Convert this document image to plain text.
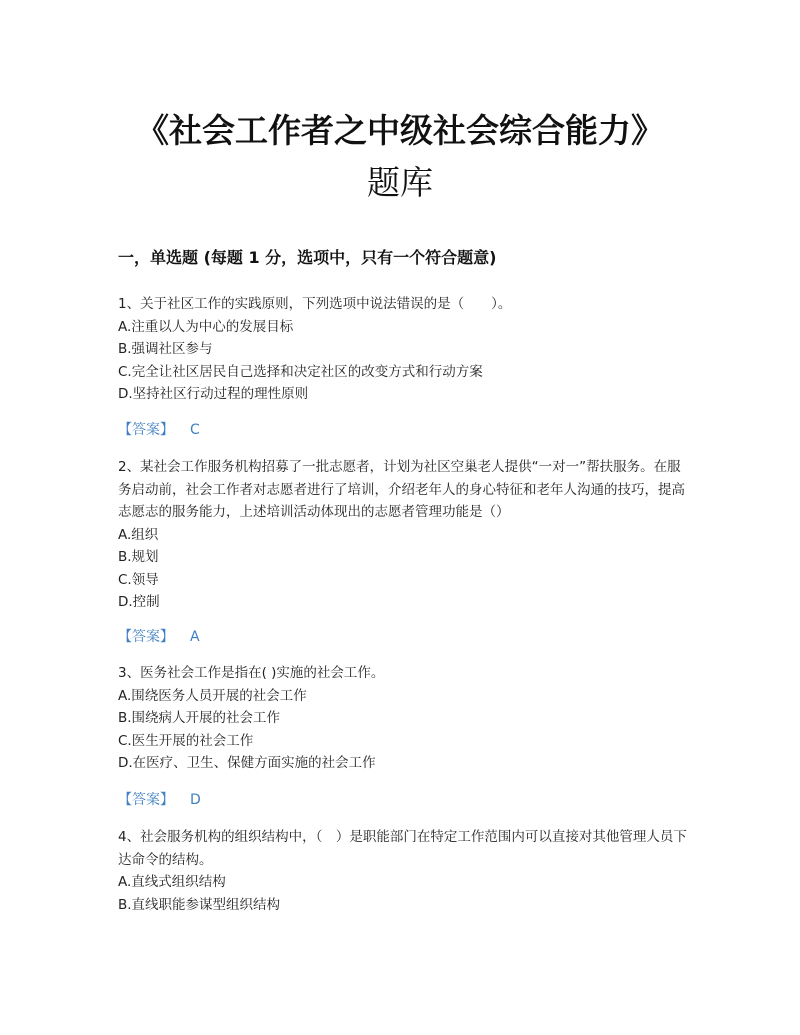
《社会工作者之中级社会综合能力》
题库
一，单选题 (每题 1 分，选项中，只有一个符合题意)
1、关于社区工作的实践原则，下列选项中说法错误的是（　　）。
A.注重以人为中心的发展目标
B.强调社区参与
C.完全让社区居民自己选择和决定社区的改变方式和行动方案
D.坚持社区行动过程的理性原则
【答案】 C
2、某社会工作服务机构招募了一批志愿者，计划为社区空巢老人提供“一对一”帮扶服务。在服务启动前，社会工作者对志愿者进行了培训，介绍老年人的身心特征和老年人沟通的技巧，提高志愿志的服务能力，上述培训活动体现出的志愿者管理功能是（）
A.组织
B.规划
C.领导
D.控制
【答案】 A
3、医务社会工作是指在( )实施的社会工作。
A.围绕医务人员开展的社会工作
B.围绕病人开展的社会工作
C.医生开展的社会工作
D.在医疗、卫生、保健方面实施的社会工作
【答案】 D
4、社会服务机构的组织结构中，（　）是职能部门在特定工作范围内可以直接对其他管理人员下达命令的结构。
A.直线式组织结构
B.直线职能参谋型组织结构
